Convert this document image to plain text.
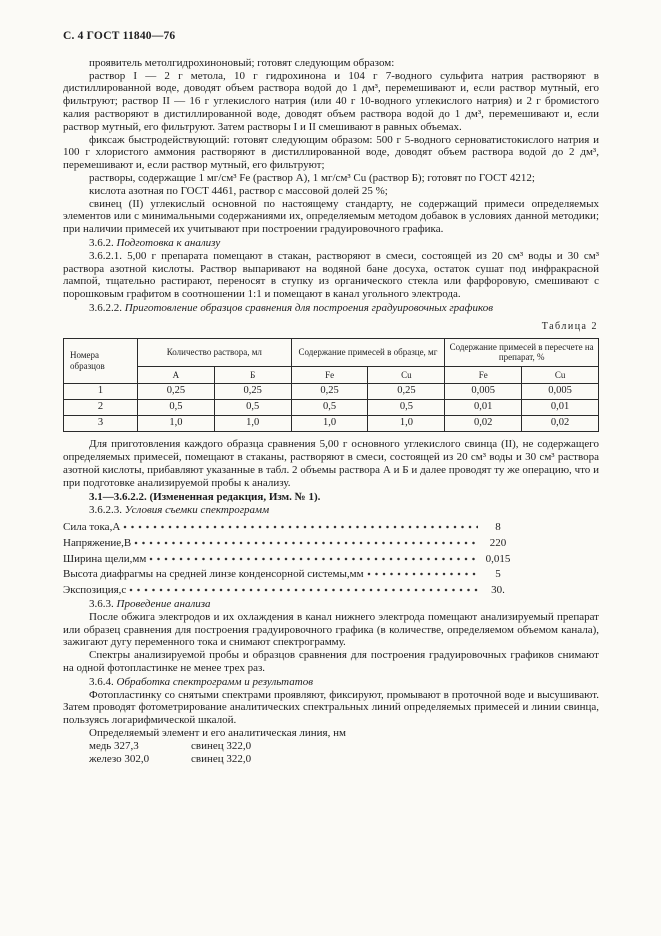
С. 4 ГОСТ 11840—76

проявитель метолгидрохиноновый; готовят следующим образом:

раствор I — 2 г метола, 10 г гидрохинона и 104 г 7-водного сульфита натрия растворяют в дистиллированной воде, доводят объем раствора водой до 1 дм³, перемешивают и, если раствор мутный, его фильтруют; раствор II — 16 г углекислого натрия (или 40 г 10-водного углекислого натрия) и 2 г бромистого калия растворяют в дистиллированной воде, доводят объем раствора водой до 1 дм³, перемешивают и, если раствор мутный, его фильтруют. Затем растворы I и II смешивают в равных объемах.

фиксаж быстродействующий: готовят следующим образом: 500 г 5-водного серноватистокислого натрия и 100 г хлористого аммония растворяют в дистиллированной воде, доводят объем раствора водой до 2 дм³, перемешивают и, если раствор мутный, его фильтруют;

растворы, содержащие 1 мг/см³ Fe (раствор А), 1 мг/см³ Cu (раствор Б); готовят по ГОСТ 4212;

кислота азотная по ГОСТ 4461, раствор с массовой долей 25 %;

свинец (II) углекислый основной по настоящему стандарту, не содержащий примеси определяемых элементов или с минимальными содержаниями их, определяемым методом добавок в условиях данной методики; при наличии примесей их учитывают при построении градуировочного графика.

3.6.2. Подготовка к анализу

3.6.2.1. 5,00 г препарата помещают в стакан, растворяют в смеси, состоящей из 20 см³ воды и 30 см³ раствора азотной кислоты. Раствор выпаривают на водяной бане досуха, остаток сушат под инфракрасной лампой, тщательно растирают, переносят в ступку из органического стекла или фарфоровую, смешивают с порошковым графитом в соотношении 1:1 и помещают в канал угольного электрода.

3.6.2.2. Приготовление образцов сравнения для построения градуировочных графиков

Таблица 2
Номера образцов	Количество раствора, мл		Содержание примесей в образце, мг		Содержание примесей в пересчете на препарат, %	
	А	Б	Fe	Cu	Fe	Cu
1	0,25	0,25	0,25	0,25	0,005	0,005
2	0,5	0,5	0,5	0,5	0,01	0,01
3	1,0	1,0	1,0	1,0	0,02	0,02

Для приготовления каждого образца сравнения 5,00 г основного углекислого свинца (II), не содержащего определяемых примесей, помещают в стаканы, растворяют в смеси, состоящей из 20 см³ воды и 30 см³ раствора азотной кислоты, прибавляют указанные в табл. 2 объемы раствора А и Б и далее проводят ту же операцию, что и при подготовке анализируемой пробы к анализу.

3.1—3.6.2.2. (Измененная редакция, Изм. № 1).

3.6.2.3. Условия съемки спектрограмм

Сила тока,А	8
Напряжение,В	220
Ширина щели,мм	0,015
Высота диафрагмы на средней линзе конденсорной системы,мм	5
Экспозиция,с	30.

3.6.3. Проведение анализа

После обжига электродов и их охлаждения в канал нижнего электрода помещают анализируемый препарат или образец сравнения для построения градуировочного графика (в количестве, определяемом объемом канала), зажигают дугу переменного тока и снимают спектрограмму.

Спектры анализируемой пробы и образцов сравнения для построения градуировочных графиков снимают на одной фотопластинке не менее трех раз.

3.6.4. Обработка спектрограмм и результатов

Фотопластинку со снятыми спектрами проявляют, фиксируют, промывают в проточной воде и высушивают. Затем проводят фотометрирование аналитических спектральных линий определяемых примесей и линии свинца, пользуясь логарифмической шкалой.

Определяемый элемент и его аналитическая линия, нм

медь 327,3	свинец 322,0
железо 302,0	свинец 322,0
